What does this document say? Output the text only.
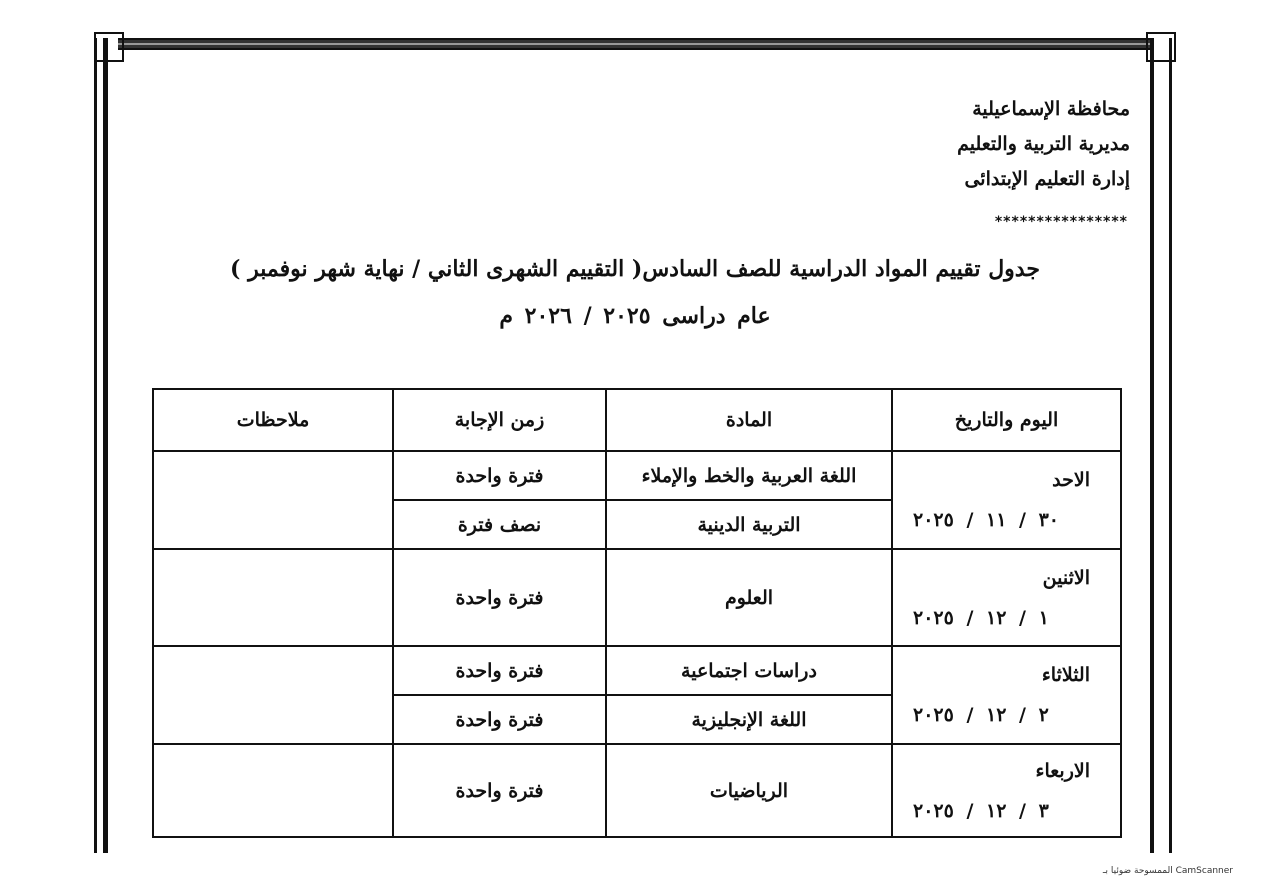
محافظة الإسماعيلية
مديرية التربية والتعليم
إدارة التعليم الإبتدائى
****************
جدول تقييم المواد الدراسية للصف السادس( التقييم الشهرى الثاني / نهاية شهر نوفمبر )
عام دراسى ٢٠٢٥ / ٢٠٢٦ م
اليوم والتاريخ	المادة	زمن الإجابة	ملاحظات

الاحد
٣٠ / ١١ / ٢٠٢٥	اللغة العربية والخط والإملاء	فترة واحدة	
	التربية الدينية	نصف فترة	

الاثنين
١ / ١٢ / ٢٠٢٥	العلوم	فترة واحدة	

الثلاثاء
٢ / ١٢ / ٢٠٢٥	دراسات اجتماعية	فترة واحدة	
	اللغة الإنجليزية	فترة واحدة	

الاربعاء
٣ / ١٢ / ٢٠٢٥	الرياضيات	فترة واحدة	
الممسوحة ضوئيا بـ CamScanner
